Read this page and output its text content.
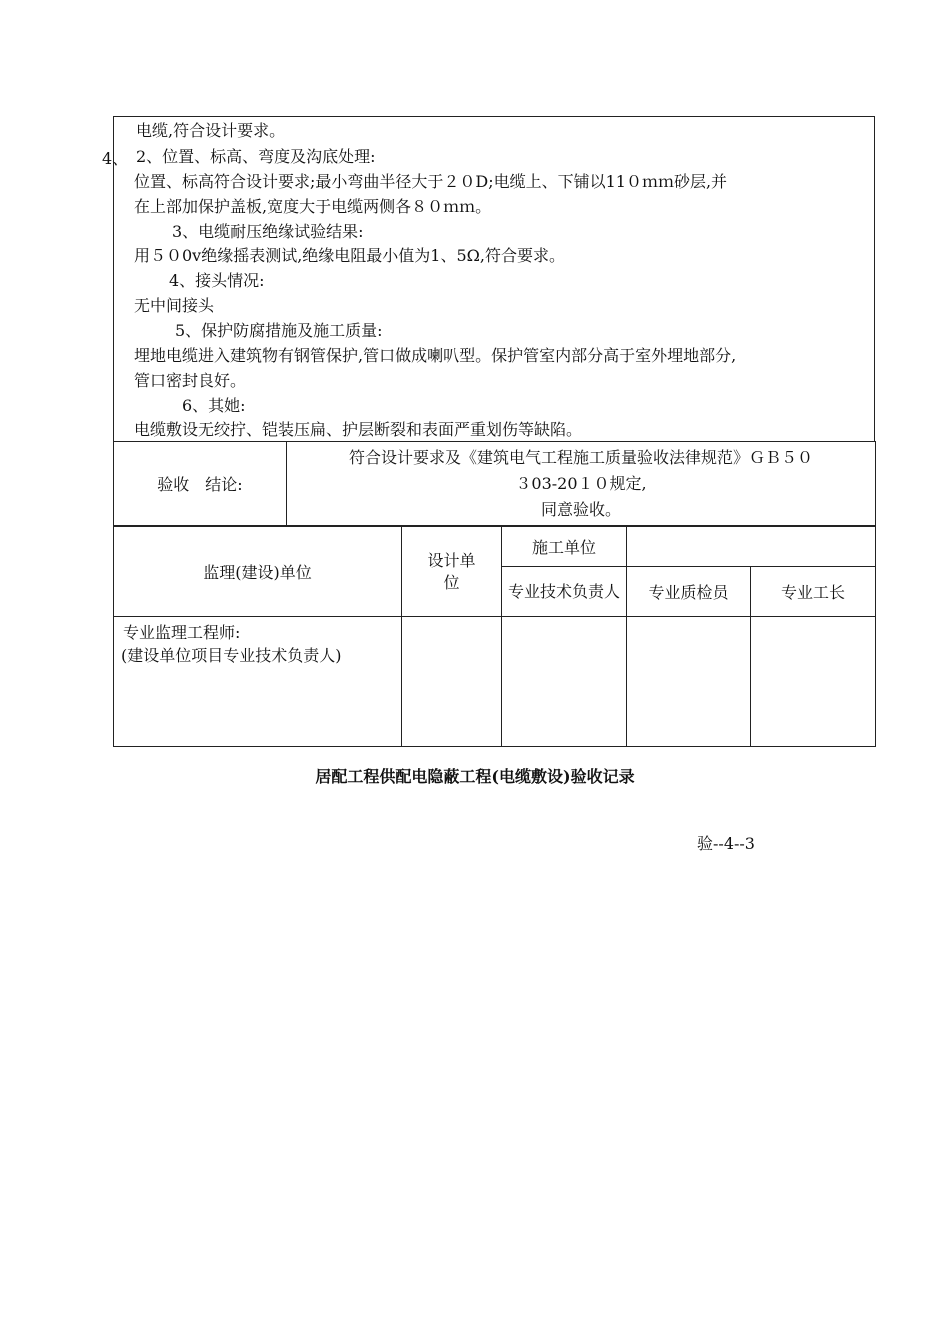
电缆,符合设计要求。
4、 2、位置、标高、弯度及沟底处理:
位置、标高符合设计要求;最小弯曲半径大于２０D;电缆上、下铺以11０ｍｍ砂层,并
在上部加保护盖板,宽度大于电缆两侧各８０ｍｍ。
3、电缆耐压绝缘试验结果:
用５０0v绝缘摇表测试,绝缘电阻最小值为1、5Ω,符合要求。
4、接头情况:
无中间接头
5、保护防腐措施及施工质量:
埋地电缆进入建筑物有钢管保护,管口做成喇叭型。保护管室内部分高于室外埋地部分,
管口密封良好。
6、其她:
电缆敷设无绞拧、铠装压扁、护层断裂和表面严重划伤等缺陷。
验收　结论:	
符合设计要求及《建筑电气工程施工质量验收法律规范》ＧＢ５０
３03-20１０规定,
同意验收。
监理(建设)单位	设计单位	施工单位		
		专业技术负责人	专业质检员	专业工长

专业监理工程师:
(建设单位项目专业技术负责人)				

居配工程供配电隐蔽工程(电缆敷设)验收记录
验--4--3
